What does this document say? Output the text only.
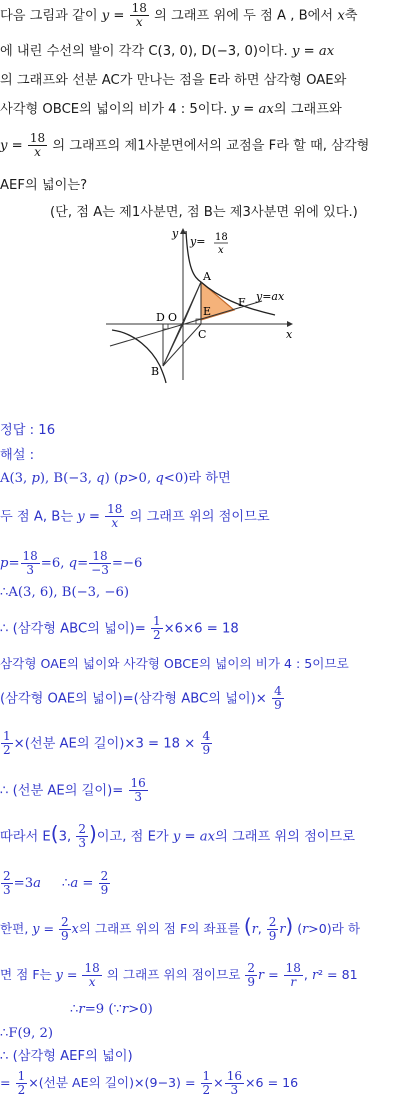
다음 그림과 같이 $y = \frac{18}{x}$ 의 그래프 위에 두 점 A , B에서 x축
에 내린 수선의 발이 각각 C(3, 0), D(−3, 0)이다. y = ax
의 그래프와 선분 AC가 만나는 점을 E라 하면 삼각형 OAE와
사각형 OBCE의 넓이의 비가 4 : 5이다. y = ax의 그래프와
$y = \frac{18}{x}$ 의 그래프의 제1사분면에서의 교점을 F라 할 때, 삼각형
AEF의 넓이는?
(단, 점 A는 제1사분면, 점 B는 제3사분면 위에 있다.)
x
y
A
B
C
D O E
F
y= 18
x
y=ax
정답 : 16
해설 :
A(3, p), B(−3, q) (p>0, q<0)라 하면
두 점 A, B는 $y = \frac{18}{x}$ 의 그래프 위의 점이므로
$p= \frac{18}{3} =6$, $q= \frac{18}{-3} =-6$
∴A(3, 6), B(−3, −6)
∴ (삼각형 ABC의 넓이)= $\frac{1}{2} \times 6\times 6 = 18$
삼각형 OAE의 넓이와 사각형 OBCE의 넓이의 비가 4 : 5이므로
(삼각형 OAE의 넓이)=(삼각형 ABC의 넓이)× $\frac{4}{9}$
$\frac{1}{2}$ ×(선분 AE의 길이)$\times 3 = 18 \times \frac{4}{9}$
∴ (선분 AE의 길이)= $\frac{16}{3}$
따라서 E(3, $\frac{2}{3}$ )이고, 점 E가 y = ax의 그래프 위의 점이므로
$\frac{2}{3} =3a$     ∴a = $\frac{2}{9}$
한편, $y = \frac{2}{9}$ x의 그래프 위의 점 F의 좌표를 (r, $\frac{2}{9} r$) (r>0)라 하
면 점 F는 $y = \frac{18}{x}$ 의 그래프 위의 점이므로 $\frac{2}{9}$ $r = \frac{18}{r}$ , r² = 81
∴r=9 (∵r>0)
∴F(9, 2)
∴ (삼각형 AEF의 넓이)
= $\frac{1}{2}$ ×(선분 AE의 길이)$\times(9-3) = \frac{1}{2} \times \frac{16}{3} \times 6 = 16$
